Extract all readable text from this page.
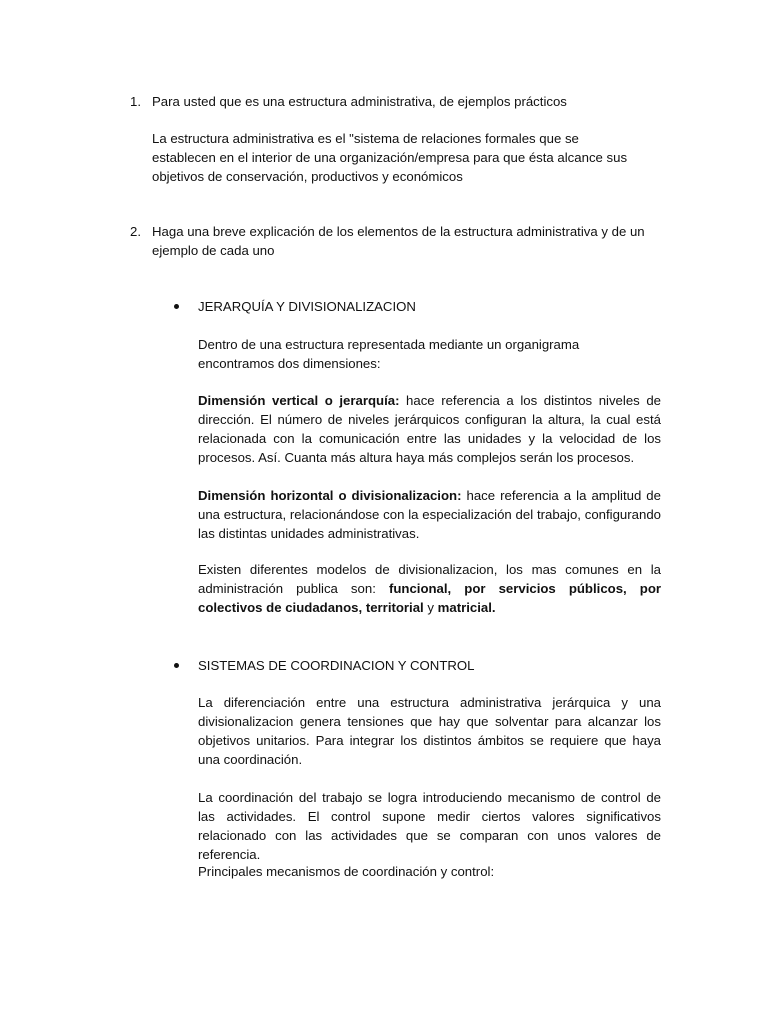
1. Para usted que es una estructura administrativa, de ejemplos prácticos
La estructura administrativa es el "sistema de relaciones formales que se establecen en el interior de una organización/empresa para que ésta alcance sus objetivos de conservación, productivos y económicos
2. Haga una breve explicación de los elementos de la estructura administrativa y de un ejemplo de cada uno
JERARQUÍA Y DIVISIONALIZACION
Dentro de una estructura representada mediante un organigrama encontramos dos dimensiones:
Dimensión vertical o jerarquía: hace referencia a los distintos niveles de dirección. El número de niveles jerárquicos configuran la altura, la cual está relacionada con la comunicación entre las unidades y la velocidad de los procesos. Así. Cuanta más altura haya más complejos serán los procesos.
Dimensión horizontal o divisionalizacion: hace referencia a la amplitud de una estructura, relacionándose con la especialización del trabajo, configurando las distintas unidades administrativas.
Existen diferentes modelos de divisionalizacion, los mas comunes en la administración publica son: funcional, por servicios públicos, por colectivos de ciudadanos, territorial y matricial.
SISTEMAS DE COORDINACION Y CONTROL
La diferenciación entre una estructura administrativa jerárquica y una divisionalizacion genera tensiones que hay que solventar para alcanzar los objetivos unitarios. Para integrar los distintos ámbitos se requiere que haya una coordinación.
La coordinación del trabajo se logra introduciendo mecanismo de control de las actividades. El control supone medir ciertos valores significativos relacionado con las actividades que se comparan con unos valores de referencia.
Principales mecanismos de coordinación y control:
